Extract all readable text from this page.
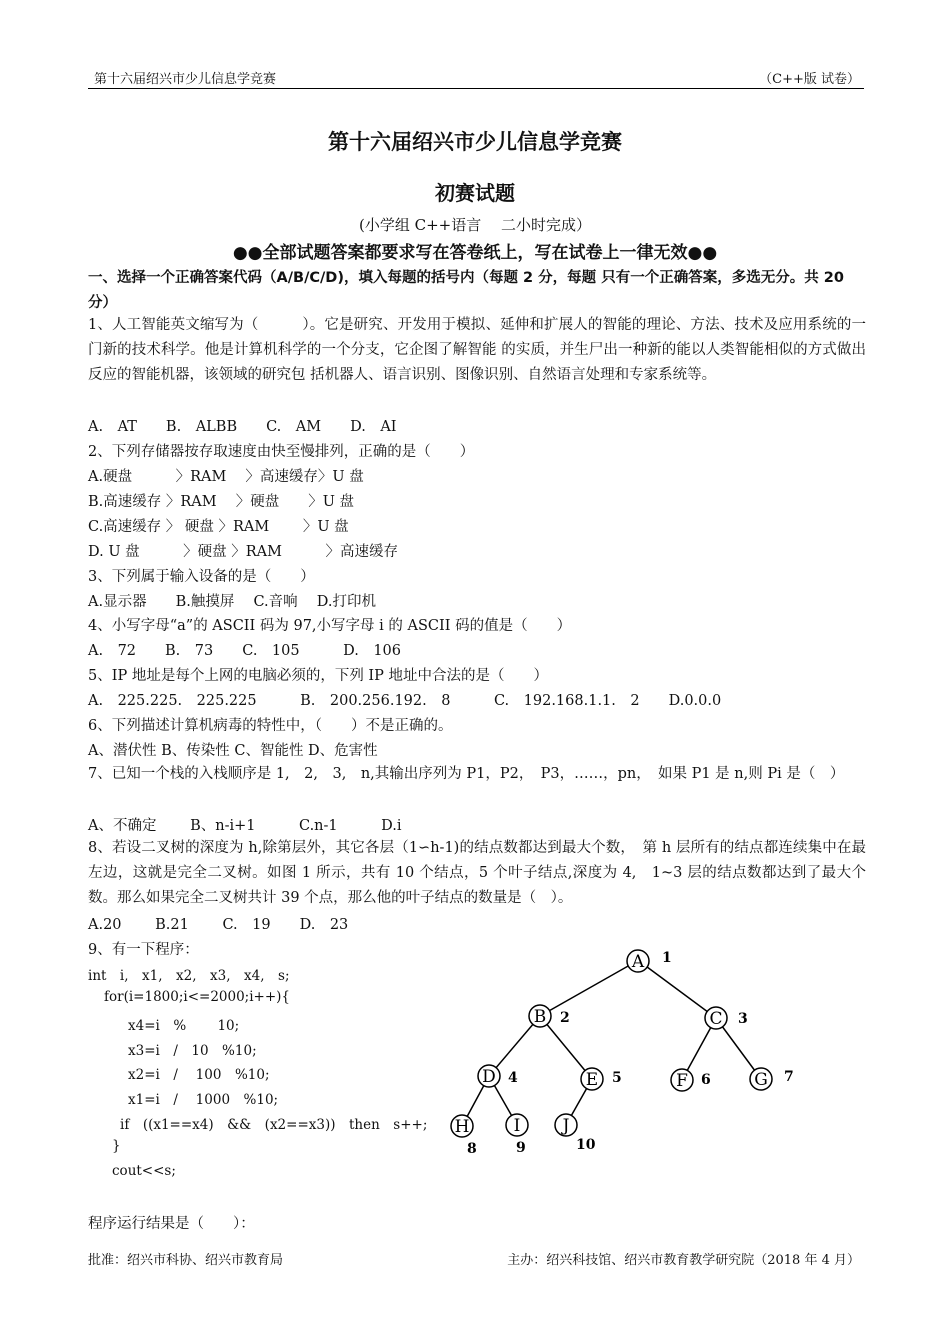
第十六届绍兴市少儿信息学竞赛	（C++版 试卷）
第十六届绍兴市少儿信息学竞赛
初赛试题
(小学组 C++语言　 二小时完成）
●●全部试题答案都要求写在答卷纸上，写在试卷上一律无效●●
一、选择一个正确答案代码（A/B/C/D)，填入每题的括号内（每题 2 分，每题 只有一个正确答案，多选无分。共 20 分）
1、人工智能英文缩写为（　　　）。它是研究、开发用于模拟、延伸和扩展人的智能的理论、方法、技术及应用系统的一门新的技术科学。他是计算机科学的一个分支，它企图了解智能 的实质，并生尸出一种新的能以人类智能相似的方式做出反应的智能机器，该领域的研究包 括机器人、语言识别、图像识别、自然语言处理和专家系统等。
A.　AT　　B.　ALBB　　C.　AM　　D.　AI
2、下列存储器按存取速度由快至慢排列，正确的是（　　）
A.硬盘　　　〉RAM　 〉高速缓存〉U 盘
B.高速缓存 〉RAM　 〉硬盘　　〉U 盘
C.高速缓存 〉 硬盘 〉RAM　　 〉U 盘
D. U 盘　　　〉硬盘 〉RAM　　　〉高速缓存
3、下列属于输入设备的是（　　）
A.显示器　　B.触摸屏　 C.音响　 D.打印机
4、小写字母“a”的 ASCII 码为 97,小写字母 i 的 ASCII 码的值是（　　）
A.　72　　B.　73　　C.　105　　　D.　106
5、IP 地址是每个上网的电脑必须的，下列 IP 地址中合法的是（　　）
A.　225.225.　225.225　　　B.　200.256.192.　8　　　C.　192.168.1.1.　2　　D.0.0.0
6、下列描述计算机病毒的特性中，（　　）不是正确的。
A、潜伏性 B、传染性 C、智能性 D、危害性
7、已知一个栈的入栈顺序是 1,　2,　3,　n,其输出序列为 P1，P2，　P3，……，pn，　如果 P1 是 n,则 Pi 是（　）
A、不确定　　 B、n-i+1　　　C.n-1　　　D.i
8、若设二叉树的深度为 h,除第层外，其它各层（1∽h-1)的结点数都达到最大个数，　第 h 层所有的结点都连续集中在最左边，这就是完全二叉树。如图 1 所示，共有 10 个结点，5 个叶子结点,深度为 4,　1~3 层的结点数都达到了最大个数。那么如果完全二叉树共计 39 个点，那么他的叶子结点的数量是（　）。
A.20　　 B.21　　 C.　19　　D.　23
9、有一下程序：
int　i,　x1,　x2,　x3,　x4,　s;
for(i=1800;i<=2000;i++){
x4=i　%　　 10;
x3=i　/　10　%10;
x2=i　/　 100　%10;
x1=i　/　 1000　%10;
if　((x1==x4)　&&　(x2==x3))　then　s++;
}
cout<<s;
程序运行结果是（　　）：
A 1
B 2	C 3
D 4	E 5	F 6	G 7
H
8
I
9
J
10
批准：绍兴市科协、绍兴市教育局	主办：绍兴科技馆、绍兴市教育教学研究院（2018 年 4 月）
